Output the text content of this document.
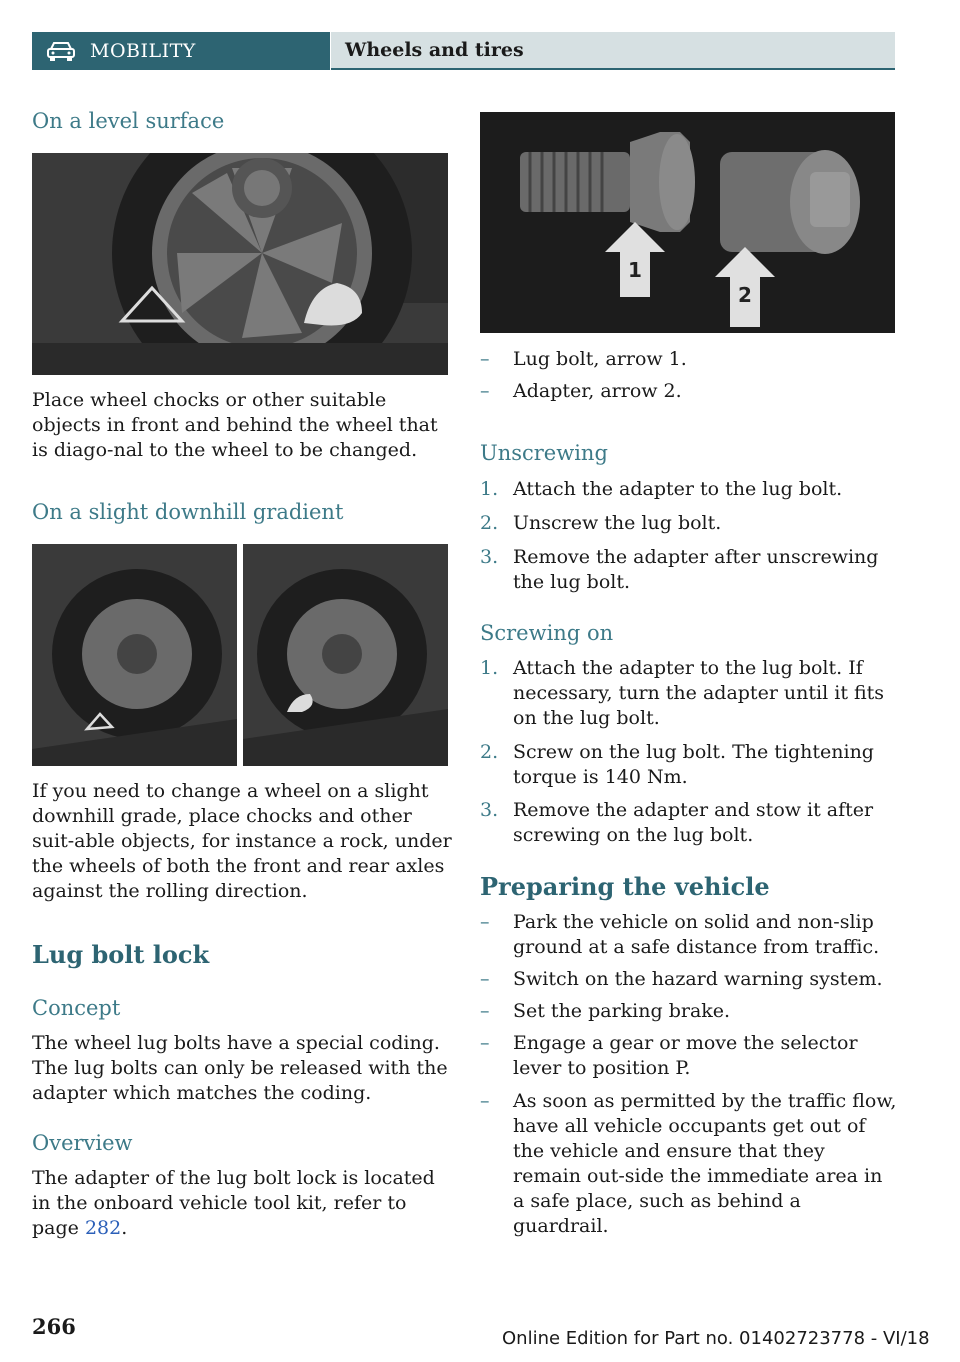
MOBILITY	Wheels and tires
On a level surface
Place wheel chocks or other suitable objects in front and behind the wheel that is diago‐nal to the wheel to be changed.
On a slight downhill gradient
If you need to change a wheel on a slight downhill grade, place chocks and other suit‐able objects, for instance a rock, under the wheels of both the front and rear axles against the rolling direction.
Lug bolt lock
Concept
The wheel lug bolts have a special coding. The lug bolts can only be released with the adapter which matches the coding.
Overview
The adapter of the lug bolt lock is located in the onboard vehicle tool kit, refer to page 282.
1
2
– Lug bolt, arrow 1.
– Adapter, arrow 2.
Unscrewing
1. Attach the adapter to the lug bolt.
2. Unscrew the lug bolt.
3. Remove the adapter after unscrewing the lug bolt.
Screwing on
1. Attach the adapter to the lug bolt. If necessary, turn the adapter until it fits on the lug bolt.
2. Screw on the lug bolt. The tightening torque is 140 Nm.
3. Remove the adapter and stow it after screwing on the lug bolt.
Preparing the vehicle
– Park the vehicle on solid and non-slip ground at a safe distance from traffic.
– Switch on the hazard warning system.
– Set the parking brake.
– Engage a gear or move the selector lever to position P.
– As soon as permitted by the traffic flow, have all vehicle occupants get out of the vehicle and ensure that they remain out‐side the immediate area in a safe place, such as behind a guardrail.
266	Online Edition for Part no. 01402723778 - VI/18
